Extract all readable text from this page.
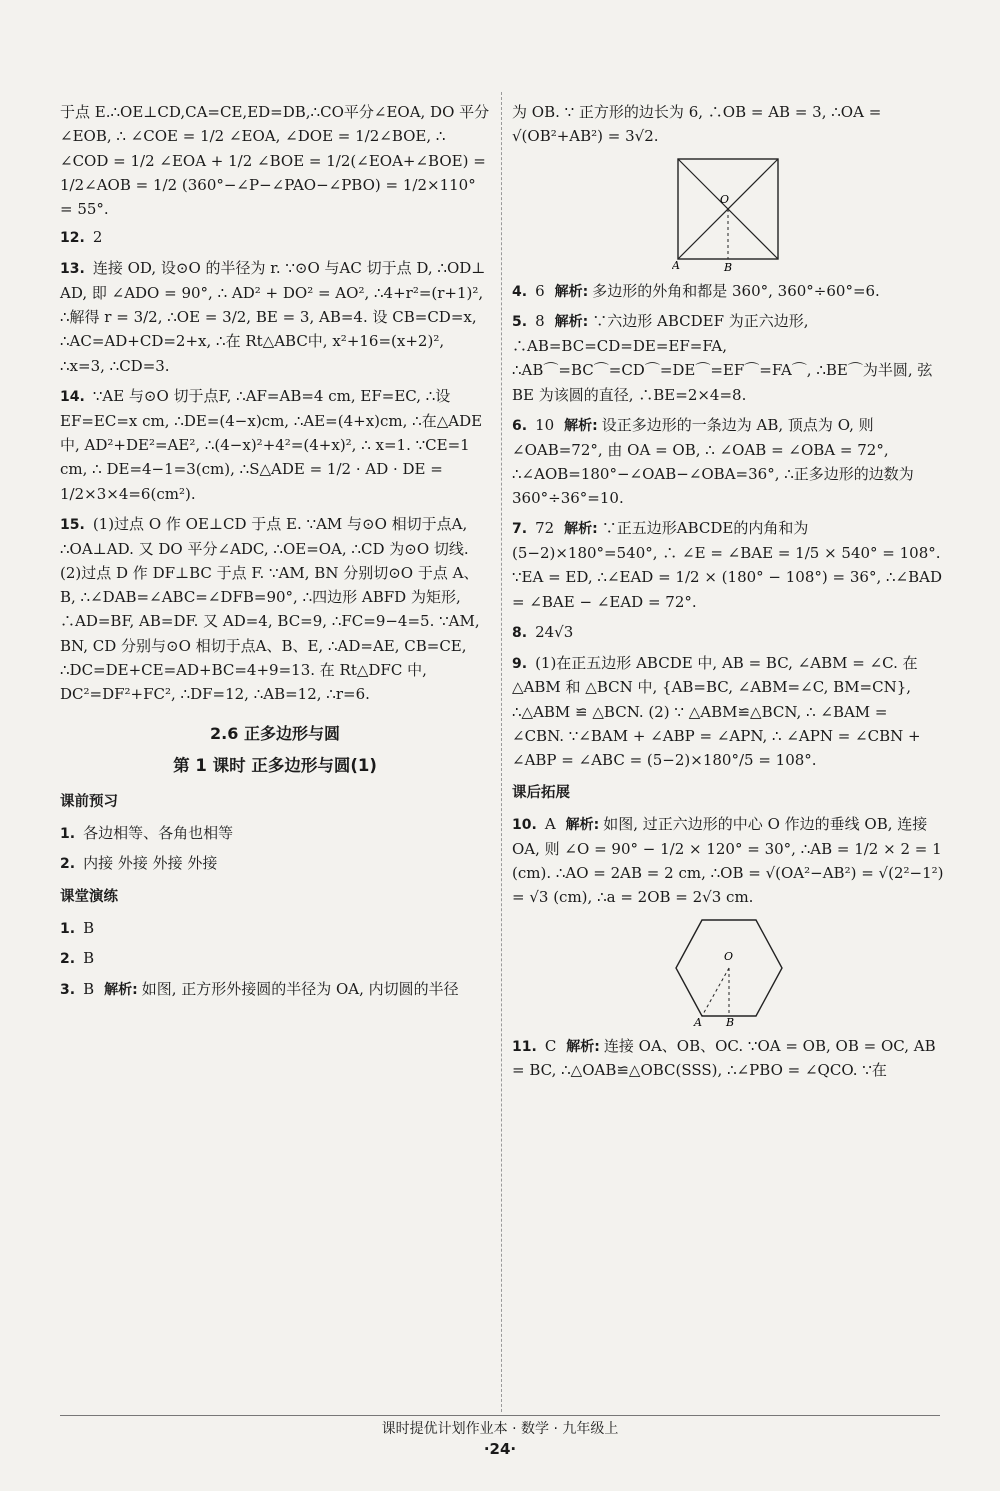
于点 E.∴OE⊥CD,CA=CE,ED=DB,∴CO平分∠EOA, DO 平分 ∠EOB, ∴ ∠COE = 1/2 ∠EOA, ∠DOE = 1/2∠BOE, ∴ ∠COD = 1/2 ∠EOA + 1/2 ∠BOE = 1/2(∠EOA+∠BOE) = 1/2∠AOB = 1/2 (360°−∠P−∠PAO−∠PBO) = 1/2×110° = 55°.

12. 2

13. 连接 OD, 设⊙O 的半径为 r. ∵⊙O 与AC 切于点 D, ∴OD⊥ AD, 即 ∠ADO = 90°, ∴ AD² + DO² = AO², ∴4+r²=(r+1)², ∴解得 r = 3/2, ∴OE = 3/2, BE = 3, AB=4. 设 CB=CD=x, ∴AC=AD+CD=2+x, ∴在 Rt△ABC中, x²+16=(x+2)², ∴x=3, ∴CD=3.

14. ∵AE 与⊙O 切于点F, ∴AF=AB=4 cm, EF=EC, ∴设 EF=EC=x cm, ∴DE=(4−x)cm, ∴AE=(4+x)cm, ∴在△ADE 中, AD²+DE²=AE², ∴(4−x)²+4²=(4+x)², ∴ x=1. ∵CE=1 cm, ∴ DE=4−1=3(cm), ∴S△ADE = 1/2 · AD · DE = 1/2×3×4=6(cm²).

15. (1)过点 O 作 OE⊥CD 于点 E. ∵AM 与⊙O 相切于点A, ∴OA⊥AD. 又 DO 平分∠ADC, ∴OE=OA, ∴CD 为⊙O 切线. (2)过点 D 作 DF⊥BC 于点 F. ∵AM, BN 分别切⊙O 于点 A、B, ∴∠DAB=∠ABC=∠DFB=90°, ∴四边形 ABFD 为矩形, ∴AD=BF, AB=DF. 又 AD=4, BC=9, ∴FC=9−4=5. ∵AM, BN, CD 分别与⊙O 相切于点A、B、E, ∴AD=AE, CB=CE, ∴DC=DE+CE=AD+BC=4+9=13. 在 Rt△DFC 中, DC²=DF²+FC², ∴DF=12, ∴AB=12, ∴r=6.

2.6 正多边形与圆
第 1 课时 正多边形与圆(1)
课前预习

1. 各边相等、各角也相等

2. 内接 外接 外接 外接

课堂演练

1. B

2. B

3. B 解析: 如图, 正方形外接圆的半径为 OA, 内切圆的半径

为 OB. ∵ 正方形的边长为 6, ∴OB = AB = 3, ∴OA = √(OB²+AB²) = 3√2.

O
A	B

4. 6 解析: 多边形的外角和都是 360°, 360°÷60°=6.

5. 8 解析: ∵六边形 ABCDEF 为正六边形, ∴AB=BC=CD=DE=EF=FA, ∴AB⌒=BC⌒=CD⌒=DE⌒=EF⌒=FA⌒, ∴BE⌒为半圆, 弦 BE 为该圆的直径, ∴BE=2×4=8.

6. 10 解析: 设正多边形的一条边为 AB, 顶点为 O, 则 ∠OAB=72°, 由 OA = OB, ∴ ∠OAB = ∠OBA = 72°, ∴∠AOB=180°−∠OAB−∠OBA=36°, ∴正多边形的边数为 360°÷36°=10.

7. 72 解析: ∵正五边形ABCDE的内角和为(5−2)×180°=540°, ∴ ∠E = ∠BAE = 1/5 × 540° = 108°. ∵EA = ED, ∴∠EAD = 1/2 × (180° − 108°) = 36°, ∴∠BAD = ∠BAE − ∠EAD = 72°.

8. 24√3

9. (1)在正五边形 ABCDE 中, AB = BC, ∠ABM = ∠C. 在 △ABM 和 △BCN 中, {AB=BC, ∠ABM=∠C, BM=CN}, ∴△ABM ≌ △BCN. (2) ∵ △ABM≌△BCN, ∴ ∠BAM = ∠CBN. ∵∠BAM + ∠ABP = ∠APN, ∴ ∠APN = ∠CBN + ∠ABP = ∠ABC = (5−2)×180°/5 = 108°.

课后拓展

10. A 解析: 如图, 过正六边形的中心 O 作边的垂线 OB, 连接 OA, 则 ∠O = 90° − 1/2 × 120° = 30°, ∴AB = 1/2 × 2 = 1 (cm). ∴AO = 2AB = 2 cm, ∴OB = √(OA²−AB²) = √(2²−1²) = √3 (cm), ∴a = 2OB = 2√3 cm.

O
A B

11. C 解析: 连接 OA、OB、OC. ∵OA = OB, OB = OC, AB = BC, ∴△OAB≌△OBC(SSS), ∴∠PBO = ∠QCO. ∵在

课时提优计划作业本 · 数学 · 九年级上
·24·
